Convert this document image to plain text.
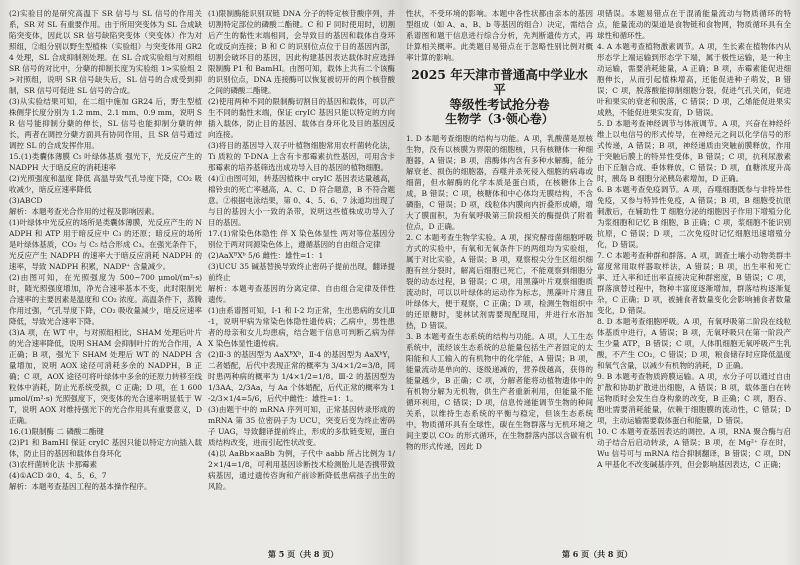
(2)实验目的是研究高温下 SR 信号与 SL 信号的作用关系，SR 对 SL 有重要作用。由于所用突变体为 SL 合成缺陷突变体，因此以 SR 信号缺陷突变体（突变体）作为对照组，②组分别以野生型植株（实验组）与突变体用 GR24 处理，SL 合成抑制剂处理。在 SL 合成实验组与对照组 SR 信号的对比中，分蘖的抑制长度为实验组 1>实验组 2>对照组，说明 SR 信号缺失后，SL 信号的合成受到抑制，SR 信号可促进 SL 信号的合成。

(3)从实验结果可知，在二组中施加 GR24 后，野生型植株侧芽长度分别为 1.2 mm、2.1 mm、0.9 mm，说明 SR 信号能抑制分蘖的伸长，SL 信号也能抑制分蘖的伸长，两者在调控分蘖方面具有协同作用，且 SR 信号通过调控 SL 的合成发挥作用。

15.(1)类囊体薄膜 C₅ 叶绿体基质 强光下，光反应产生的 NADPH 大于暗反应的消耗速率

(2)光照强度和温度 降低 高温导致气孔导度下降，CO₂ 吸收减少，暗反应速率降低

(3)ABCD

解析：本题考查光合作用的过程及影响因素。

(1)叶绿体中光反应的场所是类囊体薄膜，光反应产生的 NADPH 和 ATP 用于暗反应中 C₃ 的还原；暗反应的场所是叶绿体基质，CO₂ 与 C₅ 结合形成 C₃。在强光条件下，光反应产生 NADPH 的速率大于暗反应消耗 NADPH 的速率，导致 NADPH 积累，NADP⁺ 含量减少。

(2)由图可知，在光照强度为 500~700 μmol/(m²·s) 时，随光照强度增加，净光合速率基本不变，此时限制光合速率的主要因素是温度和 CO₂ 浓度。高温条件下，蒸腾作用过强，气孔导度下降，CO₂ 吸收量减少，暗反应速率降低，导致光合速率下降。

(3)A 项，在 WT 中，与对照组相比，SHAM 处理后叶片的光合速率降低，说明 SHAM 会抑制叶片的光合作用，A 正确；B 项，强光下 SHAM 处理后 WT 的 NADPH 含量增加，说明 AOX 途径可消耗多余的 NADPH，B 正确；C 项，AOX 途径可将叶绿体中多余的还原力转移至线粒体中消耗，防止光系统受损，C 正确；D 项，在 1 600 μmol/(m²·s) 光照强度下，突变体的光合速率明显低于 WT，说明 AOX 对维持强光下的光合作用具有重要意义，D 正确。

16.(1)限制酶 二 磷酸二酯键

(2)P1 和 BamHⅠ 保证 cryIC 基因只能以特定方向插入载体，防止目的基因和载体自身环化

(3)农杆菌转化法 卡那霉素

(4)①ACD ②0、4、5、6、7

解析：本题考查基因工程的基本操作程序。

(1)限制酶能识别双链 DNA 分子的特定核苷酸序列，并切割特定部位的磷酸二酯键。C 和 F 同时使用时，切割后产生的黏性末端相同，会导致目的基因和载体自身环化或反向连接；B 和 C 的识别位点位于目的基因内部，切割会破坏目的基因，因此构建基因表达载体时应选择限制酶 P1 和 BamHⅠ。由图可知，载体上共有二个该酶的识别位点，DNA 连接酶可以恢复被切开的两个核苷酸之间的磷酸二酯键。

(2)使用两种不同的限制酶切割目的基因和载体，可以产生不同的黏性末端，保证 cryIC 基因只能以特定的方向插入载体，防止目的基因、载体自身环化及目的基因反向连接。

(3)将目的基因导入双子叶植物细胞常用农杆菌转化法，Ti 质粒的 T-DNA 上含有卡那霉素抗性基因，可用含卡那霉素的培养基筛选出成功导入目的基因的植物细胞。

(4)①由图可知，转基因植株中 cryIC 基因表达量越高，棉铃虫的死亡率越高，A、C、D 符合题意，B 不符合题意。②根据电泳结果，第 0、4、5、6、7 泳道均出现了与目的基因大小一致的条带，说明这些植株成功导入了目的基因。

17.(1)常染色体隐性 伴 X 染色体显性 两对等位基因分别位于两对同源染色体上，遵循基因的自由组合定律

(2)AaXᴮXᵇ 5/6 雌性：雄性=1：1

(3)UCU 35 碱基替换导致终止密码子提前出现，翻译提前终止

解析：本题考查基因的分离定律、自由组合定律及伴性遗传。

(1)由系谱图可知，Ⅰ-1 和 Ⅰ-2 均正常，生出患病的女儿Ⅱ-1，说明甲病为常染色体隐性遗传病；乙病中，男性患者的母亲和女儿均患病，结合题干信息可判断乙病为伴 X 染色体显性遗传病。

(2)Ⅱ-3 的基因型为 AaXᴮXᵇ，Ⅱ-4 的基因型为 AaXᵇY，二者婚配，后代中表现正常的概率为 3/4×1/2=3/8，同时患两种病的概率为 1/4×1/2=1/8。Ⅲ-2 的基因型为 1/3AA、2/3Aa，与 Aa 个体婚配，后代正常的概率为 1-2/3×1/4=5/6，后代中雌性：雄性=1：1。

(3)由题干中的 mRNA 序列可知，正常基因转录形成的 mRNA 第 35 位密码子为 UCU，突变后变为终止密码子 UAG，导致翻译提前终止，形成的多肽链变短，蛋白质结构改变，进而引起性状改变。

(4)以 AaBb×aaBb 为例，子代中 aabb 所占比例为 1/2×1/4=1/8，可利用基因诊断技术检测胎儿是否携带致病基因，通过遗传咨询和产前诊断降低患病孩子出生的风险。

第 5 页（共 8 页）

性状，不受环境的影响。本题中各性状都由亲本的基因型组成（如 A、a、B、b 等基因的组合）决定，需结合系谱图和题干信息进行综合分析，先判断遗传方式，再计算相关概率。此类题目易错点在于忽略性别比例对概率计算的影响。

2025 年天津市普通高中学业水平
等级性考试抢分卷
生物学（3·领心卷）

1. D 本题考查细胞的结构与功能。A 项，乳酸菌是原核生物，没有以核膜为界限的细胞核，只有核糖体一种细胞器，A 错误；B 项，溶酶体内含有多种水解酶，能分解衰老、损伤的细胞器，吞噬并杀死侵入细胞的病毒或细菌，但水解酶的化学本质是蛋白质，在核糖体上合成，B 错误；C 项，核糖体和中心体均无膜结构，不含磷脂，C 错误；D 项，线粒体内膜向内折叠形成嵴，增大了膜面积，为有氧呼吸第三阶段相关的酶提供了附着位点，D 正确。

2. C 本题考查生物学实验。A 项，探究酵母菌细胞呼吸方式的实验中，有氧和无氧条件下的两组均为实验组，属于对比实验，A 错误；B 项，观察根尖分生区组织细胞有丝分裂时，解离后细胞已死亡，不能观察到细胞分裂的动态过程，B 错误；C 项，用黑藻叶片观察细胞质流动时，可以以叶绿体的运动作为标志，黑藻叶片薄且叶绿体大，便于观察，C 正确；D 项，检测生物组织中的还原糖时，斐林试剂需要现配现用，并进行水浴加热，D 错误。

3. B 本题考查生态系统的结构与功能。A 项，人工生态系统中，流经该生态系统的总能量包括生产者固定的太阳能和人工输入的有机物中的化学能，A 错误；B 项，能量流动是单向的、逐级递减的，营养级越高，获得的能量越少，B 正确；C 项，分解者能将动植物遗体中的有机物分解为无机物，供生产者重新利用，但能量不能循环利用，C 错误；D 项，信息传递能调节生物的种间关系，以维持生态系统的平衡与稳定，但该生态系统中，物质循环具有全球性，碳在生物群落与无机环境之间主要以 CO₂ 的形式循环，在生物群落内部以含碳有机物的形式传递，因此 D

项错误。本题易错点在于混淆能量流动与物质循环的特点，能量流动的渠道是食物链和食物网，物质循环具有全球性和循环性。

4. A 本题考查植物激素调节。A 项，生长素在植物体内从形态学上端运输到形态学下端，属于极性运输，是一种主动运输，需要消耗能量，A 正确；B 项，赤霉素能促进细胞伸长，从而引起植株增高，还能促进种子萌发，B 错误；C 项，脱落酸能抑制细胞分裂，促进气孔关闭，促进叶和果实的衰老和脱落，C 错误；D 项，乙烯能促进果实成熟，不能促进果实发育，D 错误。

5. D 本题考查神经调节与体液调节。A 项，兴奋在神经纤维上以电信号的形式传导，在神经元之间以化学信号的形式传递，A 错误；B 项，神经递质由突触前膜释放，作用于突触后膜上的特异性受体，B 错误；C 项，抗利尿激素由下丘脑合成、垂体释放，C 错误；D 项，血糖浓度升高时，胰岛 B 细胞分泌胰岛素增加，D 正确。

6. B 本题考查免疫调节。A 项，吞噬细胞既参与非特异性免疫，又参与特异性免疫，A 错误；B 项，B 细胞受抗原刺激后，在辅助性 T 细胞分泌的细胞因子作用下增殖分化为浆细胞和记忆 B 细胞，B 正确；C 项，浆细胞不能识别抗原，C 错误；D 项，二次免疫时记忆细胞迅速增殖分化，D 错误。

7. C 本题考查种群和群落。A 项，调查土壤小动物类群丰富度常用取样器取样法，A 错误；B 项，出生率和死亡率、迁入率和迁出率直接决定种群密度，B 错误；C 项，群落演替过程中，物种丰富度逐渐增加，群落结构逐渐复杂，C 正确；D 项，被捕食者数量变化会影响捕食者数量变化，D 错误。

8. D 本题考查细胞呼吸。A 项，有氧呼吸第二阶段在线粒体基质中进行，A 错误；B 项，无氧呼吸只在第一阶段产生少量 ATP，B 错误；C 项，人体肌细胞无氧呼吸产生乳酸，不产生 CO₂，C 错误；D 项，粮食储存时应降低温度和氧气含量，以减少有机物的消耗，D 正确。

9. B 本题考查物质跨膜运输。A 项，水分子可以通过自由扩散和协助扩散进出细胞，A 错误；B 项，载体蛋白在转运物质时会发生自身构象的改变，B 正确；C 项，胞吞、胞吐需要消耗能量，依赖于细胞膜的流动性，C 错误；D 项，主动运输需要载体蛋白和能量，D 错误。

10. C 本题考查基因表达的调控。A 项，RNA 聚合酶与启动子结合后启动转录，A 错误；B 项，在 Mg²⁺ 存在时，Wu 信号可与 mRNA 结合抑制翻译，B 错误；C 项，DNA 甲基化不改变碱基序列，但会影响基因表达，C 正确；

第 6 页（共 8 页）
